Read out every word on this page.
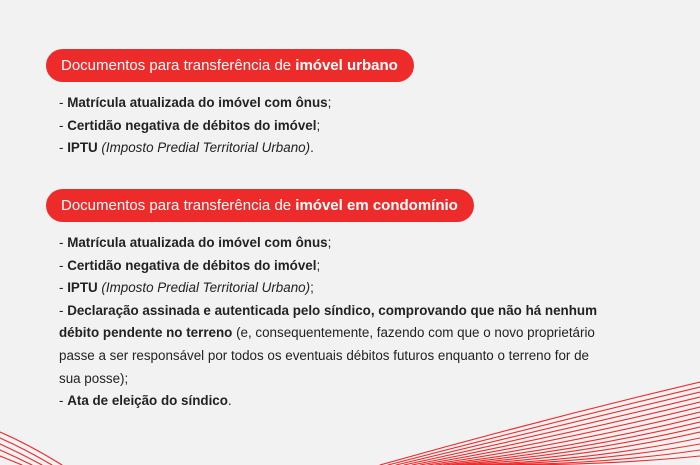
Documentos para transferência de imóvel urbano
- Matrícula atualizada do imóvel com ônus;
- Certidão negativa de débitos do imóvel;
- IPTU (Imposto Predial Territorial Urbano).
Documentos para transferência de imóvel em condomínio
- Matrícula atualizada do imóvel com ônus;
- Certidão negativa de débitos do imóvel;
- IPTU (Imposto Predial Territorial Urbano);
- Declaração assinada e autenticada pelo síndico, comprovando que não há nenhum débito pendente no terreno (e, consequentemente, fazendo com que o novo proprietário passe a ser responsável por todos os eventuais débitos futuros enquanto o terreno for de sua posse);
- Ata de eleição do síndico.
